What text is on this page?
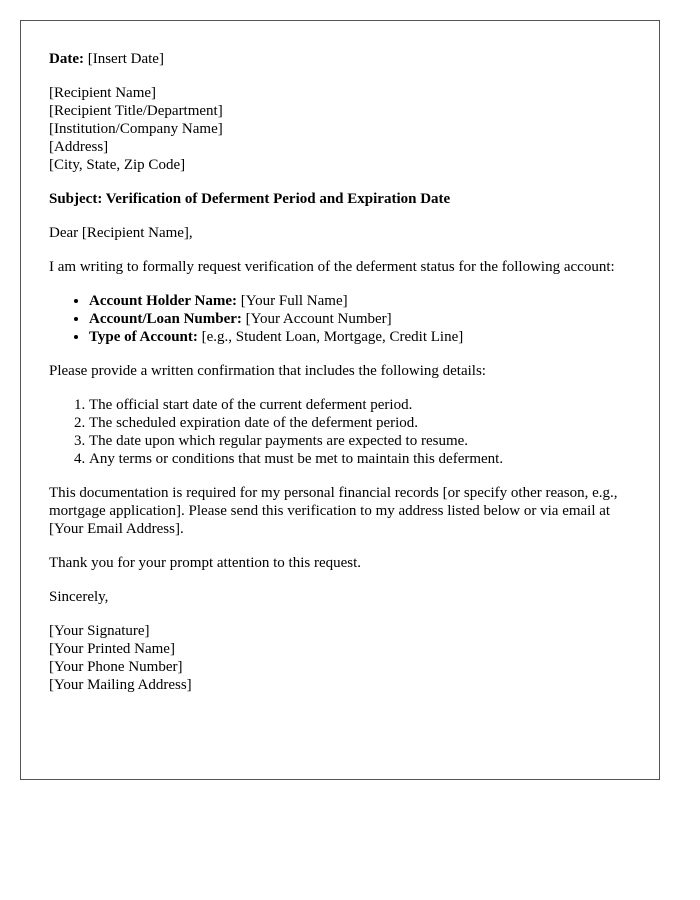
Date: [Insert Date]

[Recipient Name]
[Recipient Title/Department]
[Institution/Company Name]
[Address]
[City, State, Zip Code]

Subject: Verification of Deferment Period and Expiration Date

Dear [Recipient Name],

I am writing to formally request verification of the deferment status for the following account:

• Account Holder Name: [Your Full Name]
• Account/Loan Number: [Your Account Number]
• Type of Account: [e.g., Student Loan, Mortgage, Credit Line]

Please provide a written confirmation that includes the following details:

1. The official start date of the current deferment period.
2. The scheduled expiration date of the deferment period.
3. The date upon which regular payments are expected to resume.
4. Any terms or conditions that must be met to maintain this deferment.

This documentation is required for my personal financial records [or specify other reason, e.g., mortgage application]. Please send this verification to my address listed below or via email at [Your Email Address].

Thank you for your prompt attention to this request.

Sincerely,

[Your Signature]
[Your Printed Name]
[Your Phone Number]
[Your Mailing Address]
